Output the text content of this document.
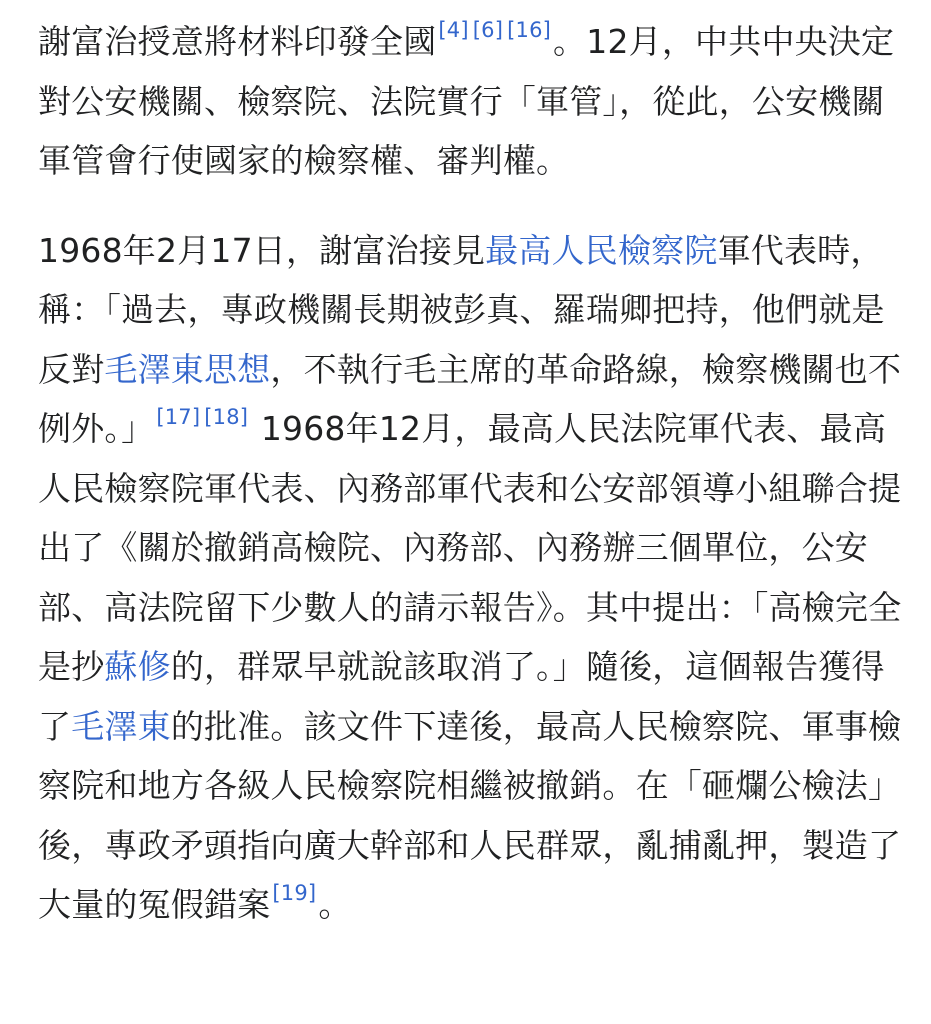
謝富治授意將材料印發全國[4] [6] [16]。12月，中共中央決定對公安機關、檢察院、法院實行「軍管」，從此，公安機關軍管會行使國家的檢察權、審判權。

1968年2月17日，謝富治接見最高人民檢察院軍代表時，稱：「過去，專政機關長期被彭真、羅瑞卿把持，他們就是反對毛澤東思想，不執行毛主席的革命路線，檢察機關也不例外。」[17] [18] 1968年12月，最高人民法院軍代表、最高人民檢察院軍代表、內務部軍代表和公安部領導小組聯合提出了《關於撤銷高檢院、內務部、內務辦三個單位，公安部、高法院留下少數人的請示報告》。其中提出：「高檢完全是抄蘇修的，群眾早就說該取消了。」隨後，這個報告獲得了毛澤東的批准。該文件下達後，最高人民檢察院、軍事檢察院和地方各級人民檢察院相繼被撤銷。在「砸爛公檢法」後，專政矛頭指向廣大幹部和人民群眾，亂捕亂押，製造了大量的冤假錯案[19]。
